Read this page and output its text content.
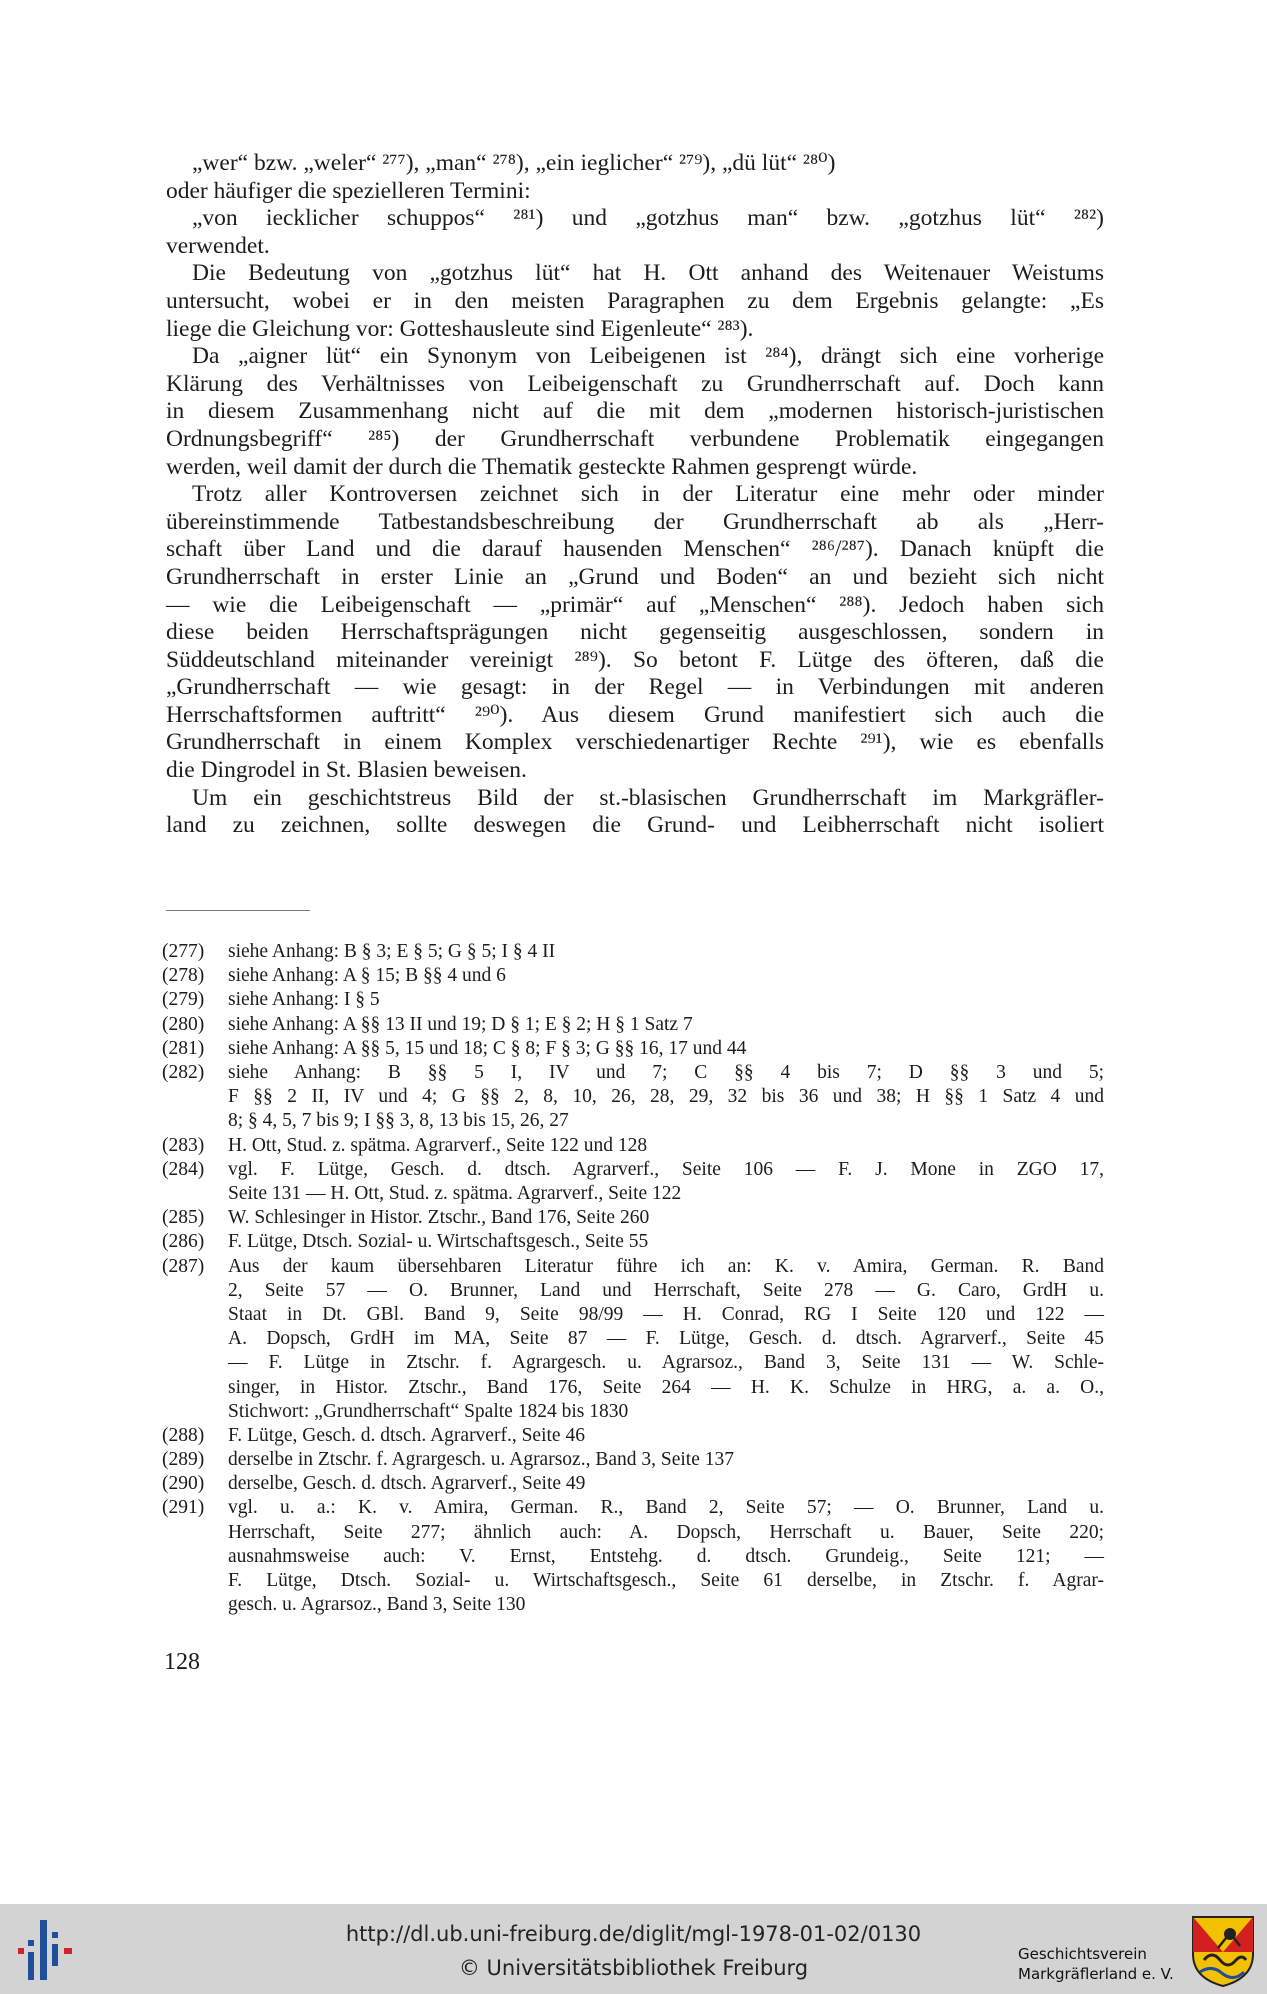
„wer“ bzw. „weler“ ²⁷⁷), „man“ ²⁷⁸), „ein ieglicher“ ²⁷⁹), „dü lüt“ ²⁸⁰)
oder häufiger die spezielleren Termini:
„von iecklicher schuppos“ ²⁸¹) und „gotzhus man“ bzw. „gotzhus lüt“ ²⁸²)
verwendet.
Die Bedeutung von „gotzhus lüt“ hat H. Ott anhand des Weitenauer Weistums
untersucht, wobei er in den meisten Paragraphen zu dem Ergebnis gelangte: „Es
liege die Gleichung vor: Gotteshausleute sind Eigenleute“ ²⁸³).
Da „aigner lüt“ ein Synonym von Leibeigenen ist ²⁸⁴), drängt sich eine vorherige
Klärung des Verhältnisses von Leibeigenschaft zu Grundherrschaft auf. Doch kann
in diesem Zusammenhang nicht auf die mit dem „modernen historisch-juristischen
Ordnungsbegriff“ ²⁸⁵) der Grundherrschaft verbundene Problematik eingegangen
werden, weil damit der durch die Thematik gesteckte Rahmen gesprengt würde.
Trotz aller Kontroversen zeichnet sich in der Literatur eine mehr oder minder
übereinstimmende Tatbestandsbeschreibung der Grundherrschaft ab als „Herr-
schaft über Land und die darauf hausenden Menschen“ ²⁸⁶/²⁸⁷). Danach knüpft die
Grundherrschaft in erster Linie an „Grund und Boden“ an und bezieht sich nicht
— wie die Leibeigenschaft — „primär“ auf „Menschen“ ²⁸⁸). Jedoch haben sich
diese beiden Herrschaftsprägungen nicht gegenseitig ausgeschlossen, sondern in
Süddeutschland miteinander vereinigt ²⁸⁹). So betont F. Lütge des öfteren, daß die
„Grundherrschaft — wie gesagt: in der Regel — in Verbindungen mit anderen
Herrschaftsformen auftritt“ ²⁹⁰). Aus diesem Grund manifestiert sich auch die
Grundherrschaft in einem Komplex verschiedenartiger Rechte ²⁹¹), wie es ebenfalls
die Dingrodel in St. Blasien beweisen.
Um ein geschichtstreus Bild der st.-blasischen Grundherrschaft im Markgräfler-
land zu zeichnen, sollte deswegen die Grund- und Leibherrschaft nicht isoliert
(277)	siehe Anhang: B § 3; E § 5; G § 5; I § 4 II
(278)	siehe Anhang: A § 15; B §§ 4 und 6
(279)	siehe Anhang: I § 5
(280)	siehe Anhang: A §§ 13 II und 19; D § 1; E § 2; H § 1 Satz 7
(281)	siehe Anhang: A §§ 5, 15 und 18; C § 8; F § 3; G §§ 16, 17 und 44
(282)	siehe Anhang: B §§ 5 I, IV und 7; C §§ 4 bis 7; D §§ 3 und 5;
F §§ 2 II, IV und 4; G §§ 2, 8, 10, 26, 28, 29, 32 bis 36 und 38; H §§ 1 Satz 4 und
8; § 4, 5, 7 bis 9; I §§ 3, 8, 13 bis 15, 26, 27
(283)	H. Ott, Stud. z. spätma. Agrarverf., Seite 122 und 128
(284)	vgl. F. Lütge, Gesch. d. dtsch. Agrarverf., Seite 106 — F. J. Mone in ZGO 17,
Seite 131 — H. Ott, Stud. z. spätma. Agrarverf., Seite 122
(285)	W. Schlesinger in Histor. Ztschr., Band 176, Seite 260
(286)	F. Lütge, Dtsch. Sozial- u. Wirtschaftsgesch., Seite 55
(287)	Aus der kaum übersehbaren Literatur führe ich an: K. v. Amira, German. R. Band
2, Seite 57 — O. Brunner, Land und Herrschaft, Seite 278 — G. Caro, GrdH u.
Staat in Dt. GBl. Band 9, Seite 98/99 — H. Conrad, RG I Seite 120 und 122 —
A. Dopsch, GrdH im MA, Seite 87 — F. Lütge, Gesch. d. dtsch. Agrarverf., Seite 45
— F. Lütge in Ztschr. f. Agrargesch. u. Agrarsoz., Band 3, Seite 131 — W. Schle-
singer, in Histor. Ztschr., Band 176, Seite 264 — H. K. Schulze in HRG, a. a. O.,
Stichwort: „Grundherrschaft“ Spalte 1824 bis 1830
(288)	F. Lütge, Gesch. d. dtsch. Agrarverf., Seite 46
(289)	derselbe in Ztschr. f. Agrargesch. u. Agrarsoz., Band 3, Seite 137
(290)	derselbe, Gesch. d. dtsch. Agrarverf., Seite 49
(291)	vgl. u. a.: K. v. Amira, German. R., Band 2, Seite 57; — O. Brunner, Land u.
Herrschaft, Seite 277; ähnlich auch: A. Dopsch, Herrschaft u. Bauer, Seite 220;
ausnahmsweise auch: V. Ernst, Entstehg. d. dtsch. Grundeig., Seite 121; —
F. Lütge, Dtsch. Sozial- u. Wirtschaftsgesch., Seite 61 derselbe, in Ztschr. f. Agrar-
gesch. u. Agrarsoz., Band 3, Seite 130
128
http://dl.ub.uni-freiburg.de/diglit/mgl-1978-01-02/0130
© Universitätsbibliothek Freiburg
Geschichtsverein
Markgräflerland e. V.
